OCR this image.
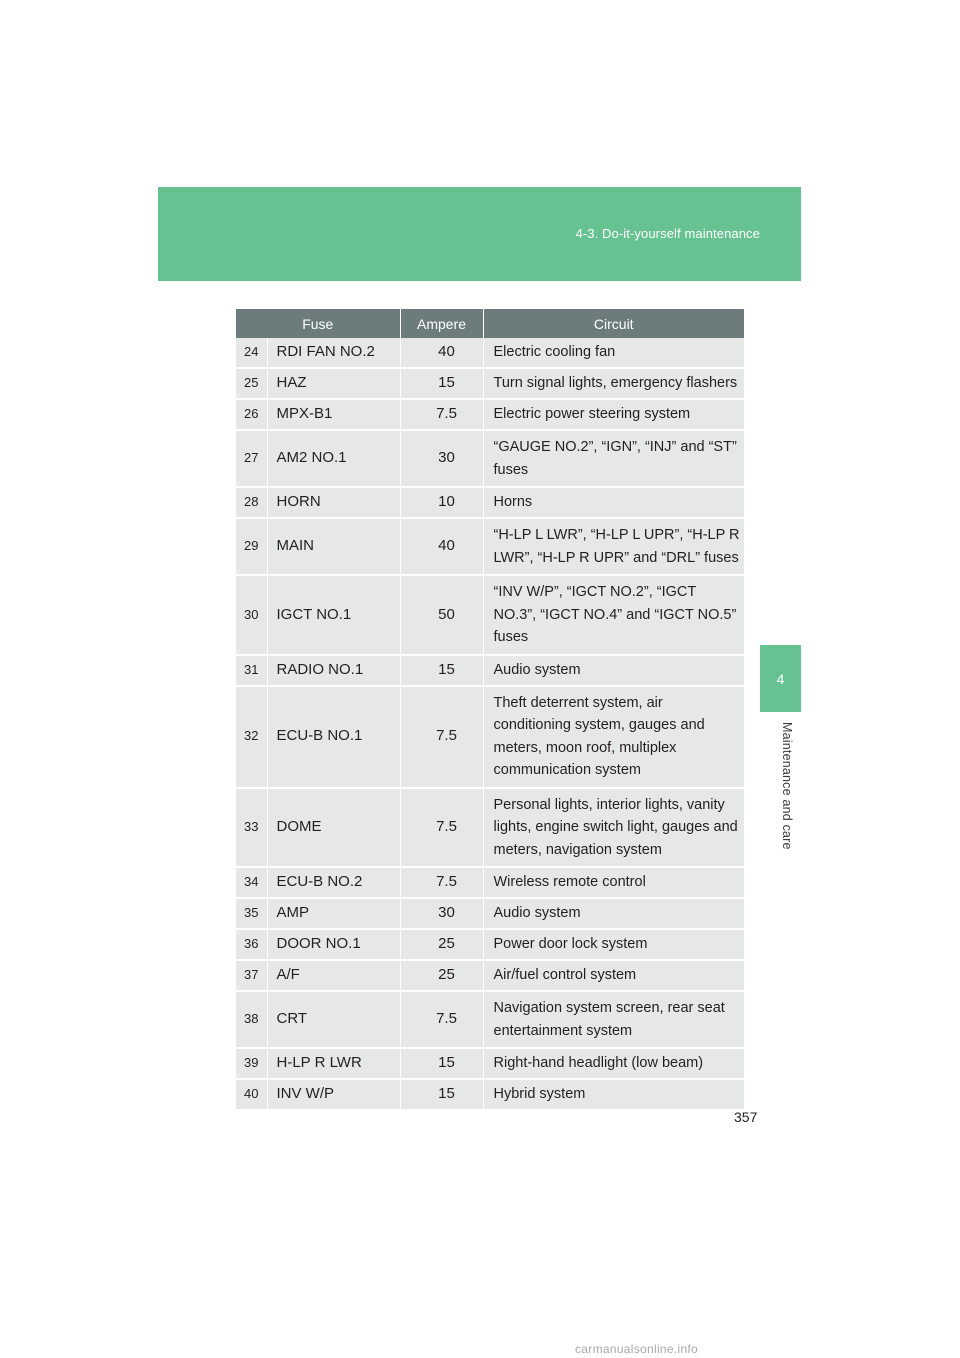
4-3. Do-it-yourself maintenance
4
Maintenance and care
Fuse		Ampere	Circuit
24	RDI FAN NO.2	40	Electric cooling fan
25	HAZ	15	Turn signal lights, emergency flashers
26	MPX-B1	7.5	Electric power steering system
27	AM2 NO.1	30	“GAUGE NO.2”, “IGN”, “INJ” and “ST” fuses
28	HORN	10	Horns
29	MAIN	40	“H-LP L LWR”, “H-LP L UPR”, “H-LP R LWR”, “H-LP R UPR” and “DRL” fuses
30	IGCT NO.1	50	“INV W/P”, “IGCT NO.2”, “IGCT NO.3”, “IGCT NO.4” and “IGCT NO.5” fuses
31	RADIO NO.1	15	Audio system
32	ECU-B NO.1	7.5	Theft deterrent system, air conditioning system, gauges and meters, moon roof, multiplex communication system
33	DOME	7.5	Personal lights, interior lights, vanity lights, engine switch light, gauges and meters, navigation system
34	ECU-B NO.2	7.5	Wireless remote control
35	AMP	30	Audio system
36	DOOR NO.1	25	Power door lock system
37	A/F	25	Air/fuel control system
38	CRT	7.5	Navigation system screen, rear seat entertainment system
39	H-LP R LWR	15	Right-hand headlight (low beam)
40	INV W/P	15	Hybrid system
357
carmanualsonline.info
